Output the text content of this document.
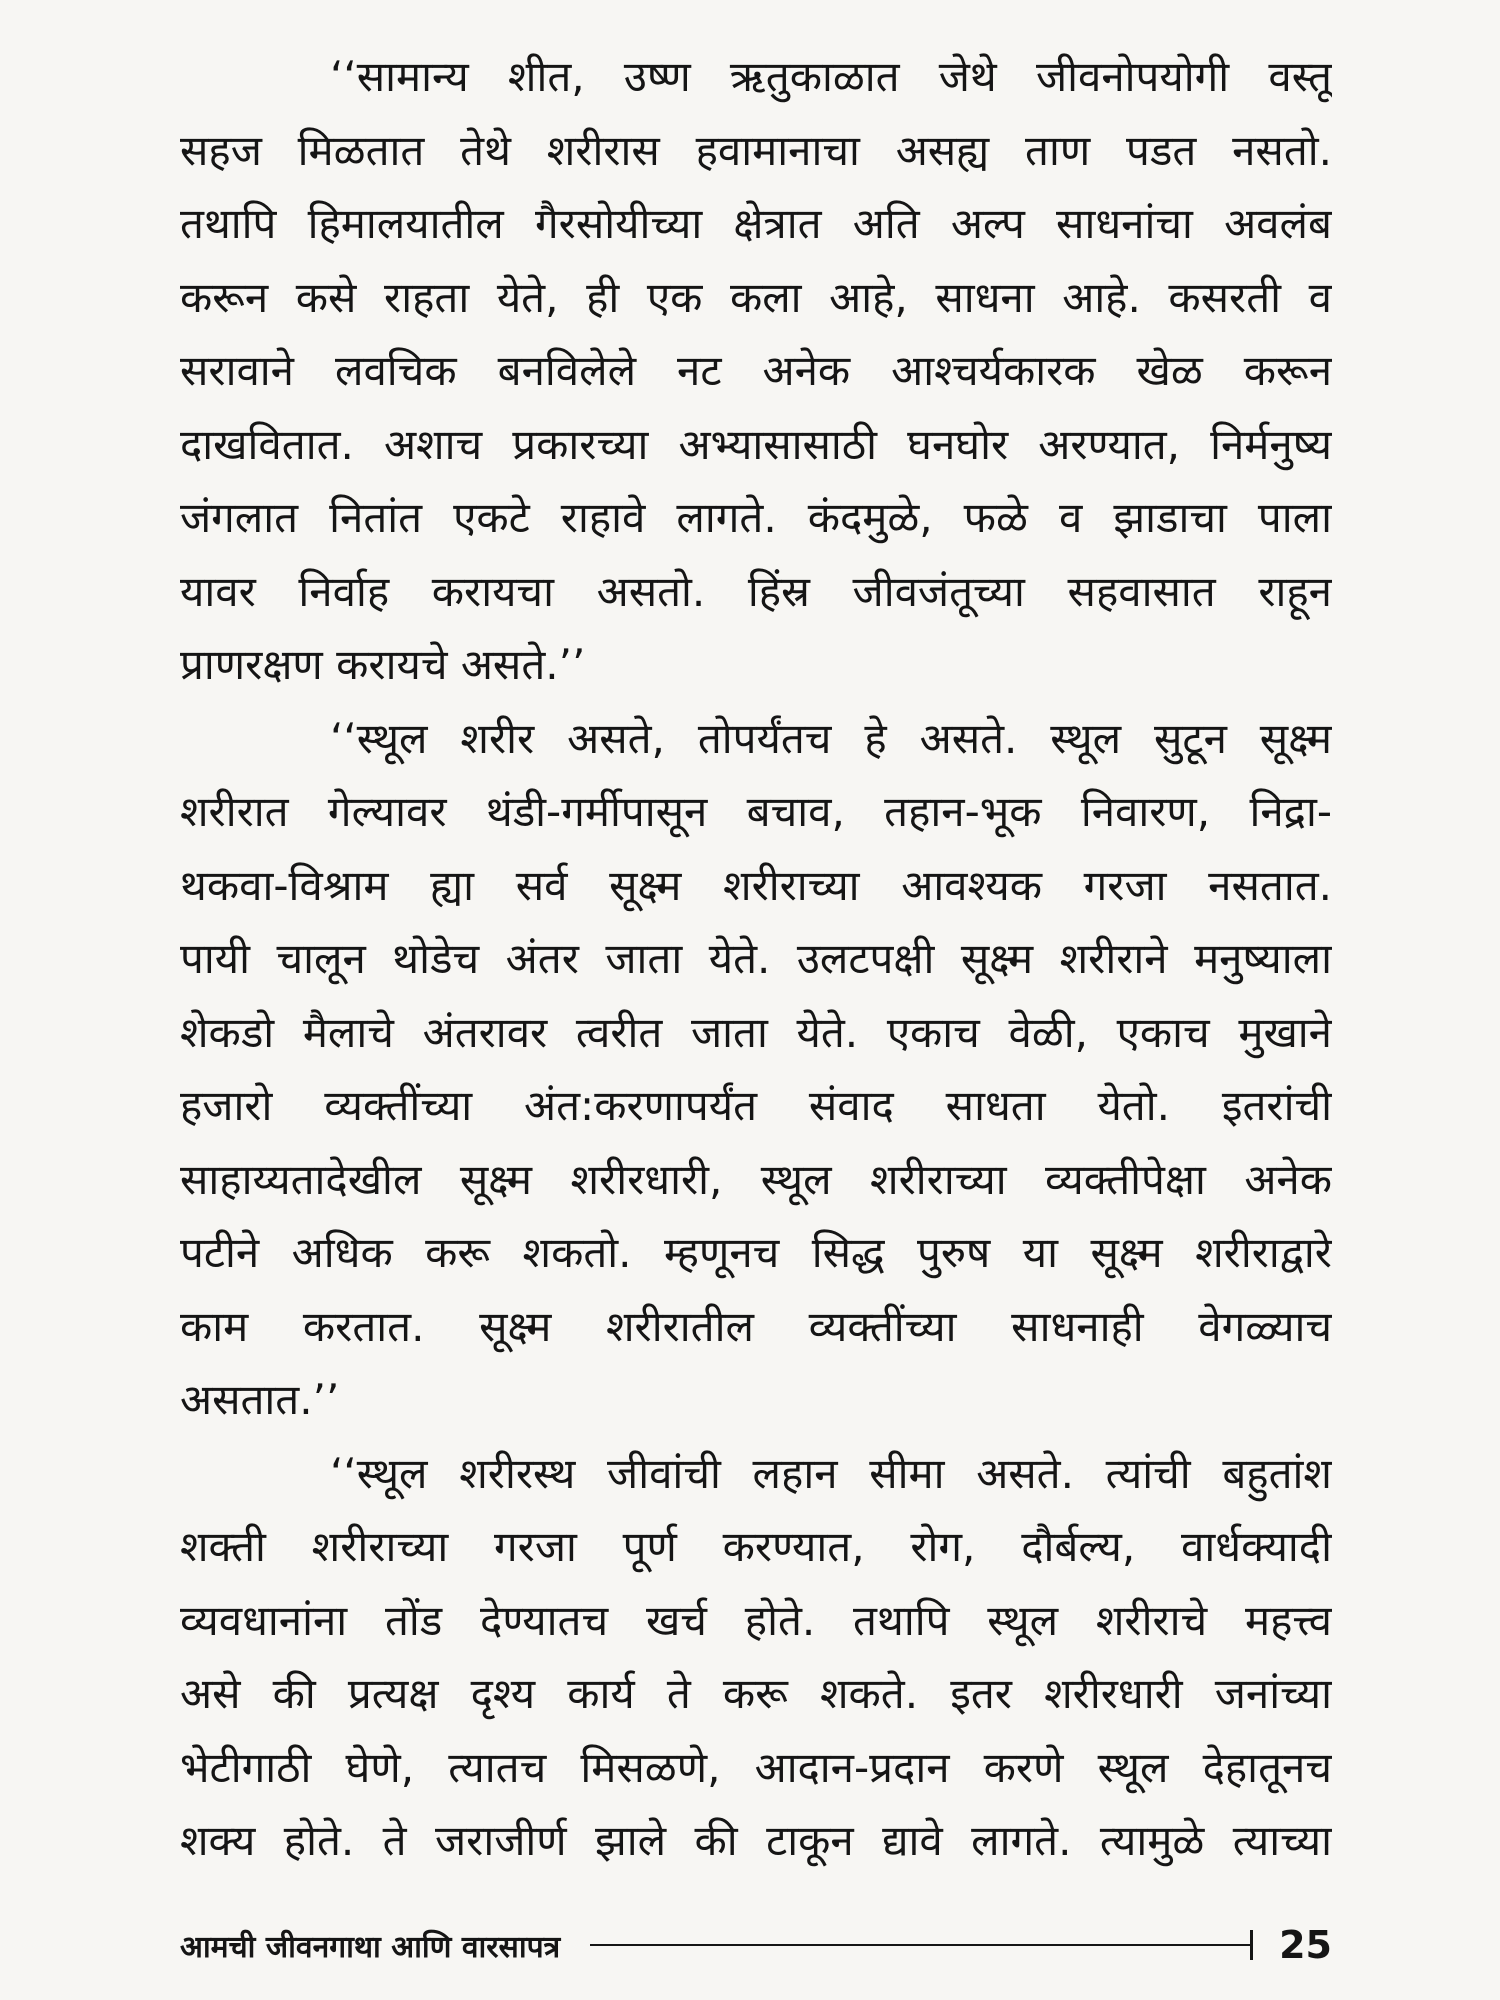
‘‘सामान्य शीत, उष्ण ऋतुकाळात जेथे जीवनोपयोगी वस्तू
सहज मिळतात तेथे शरीरास हवामानाचा असह्य ताण पडत नसतो.
तथापि हिमालयातील गैरसोयीच्या क्षेत्रात अति अल्प साधनांचा अवलंब
करून कसे राहता येते, ही एक कला आहे, साधना आहे. कसरती व
सरावाने लवचिक बनविलेले नट अनेक आश्चर्यकारक खेळ करून
दाखवितात. अशाच प्रकारच्या अभ्यासासाठी घनघोर अरण्यात, निर्मनुष्य
जंगलात नितांत एकटे राहावे लागते. कंदमुळे, फळे व झाडाचा पाला
यावर निर्वाह करायचा असतो. हिंस्र जीवजंतूच्या सहवासात राहून
प्राणरक्षण करायचे असते.’’
‘‘स्थूल शरीर असते, तोपर्यंतच हे असते. स्थूल सुटून सूक्ष्म
शरीरात गेल्यावर थंडी-गर्मीपासून बचाव, तहान-भूक निवारण, निद्रा-
थकवा-विश्राम ह्या सर्व सूक्ष्म शरीराच्या आवश्यक गरजा नसतात.
पायी चालून थोडेच अंतर जाता येते. उलटपक्षी सूक्ष्म शरीराने मनुष्याला
शेकडो मैलाचे अंतरावर त्वरीत जाता येते. एकाच वेळी, एकाच मुखाने
हजारो व्यक्तींच्या अंत:करणापर्यंत संवाद साधता येतो. इतरांची
साहाय्यतादेखील सूक्ष्म शरीरधारी, स्थूल शरीराच्या व्यक्तीपेक्षा अनेक
पटीने अधिक करू शकतो. म्हणूनच सिद्ध पुरुष या सूक्ष्म शरीराद्वारे
काम करतात. सूक्ष्म शरीरातील व्यक्तींच्या साधनाही वेगळ्याच
असतात.’’
‘‘स्थूल शरीरस्थ जीवांची लहान सीमा असते. त्यांची बहुतांश
शक्ती शरीराच्या गरजा पूर्ण करण्यात, रोग, दौर्बल्य, वार्धक्यादी
व्यवधानांना तोंड देण्यातच खर्च होते. तथापि स्थूल शरीराचे महत्त्व
असे की प्रत्यक्ष दृश्य कार्य ते करू शकते. इतर शरीरधारी जनांच्या
भेटीगाठी घेणे, त्यातच मिसळणे, आदान-प्रदान करणे स्थूल देहातूनच
शक्य होते. ते जराजीर्ण झाले की टाकून द्यावे लागते. त्यामुळे त्याच्या
आमची जीवनगाथा आणि वारसापत्र	25
